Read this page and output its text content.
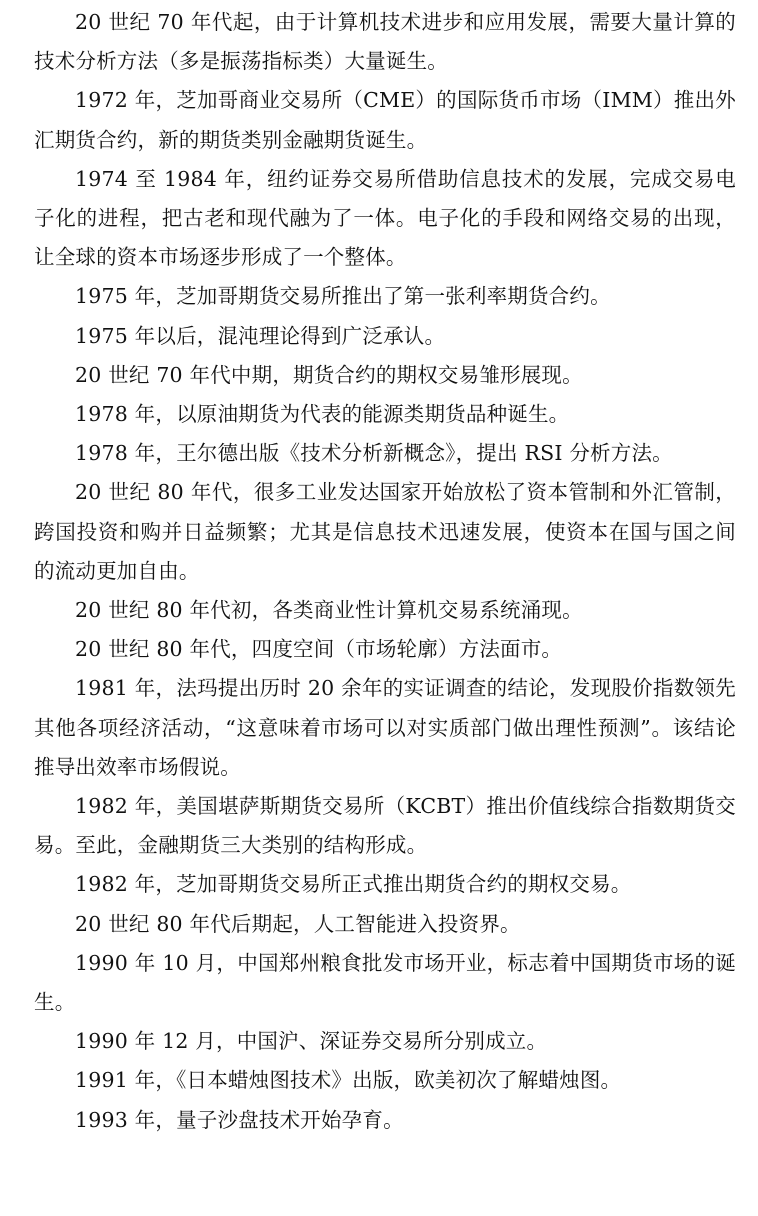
20 世纪 70 年代起，由于计算机技术进步和应用发展，需要大量计算的技术分析方法（多是振荡指标类）大量诞生。

1972 年，芝加哥商业交易所（CME）的国际货币市场（IMM）推出外汇期货合约，新的期货类别金融期货诞生。

1974 至 1984 年，纽约证券交易所借助信息技术的发展，完成交易电子化的进程，把古老和现代融为了一体。电子化的手段和网络交易的出现，让全球的资本市场逐步形成了一个整体。

1975 年，芝加哥期货交易所推出了第一张利率期货合约。

1975 年以后，混沌理论得到广泛承认。

20 世纪 70 年代中期，期货合约的期权交易雏形展现。

1978 年，以原油期货为代表的能源类期货品种诞生。

1978 年，王尔德出版《技术分析新概念》，提出 RSI 分析方法。

20 世纪 80 年代，很多工业发达国家开始放松了资本管制和外汇管制，跨国投资和购并日益频繁；尤其是信息技术迅速发展，使资本在国与国之间的流动更加自由。

20 世纪 80 年代初，各类商业性计算机交易系统涌现。

20 世纪 80 年代，四度空间（市场轮廓）方法面市。

1981 年，法玛提出历时 20 余年的实证调查的结论，发现股价指数领先其他各项经济活动，“这意味着市场可以对实质部门做出理性预测”。该结论推导出效率市场假说。

1982 年，美国堪萨斯期货交易所（KCBT）推出价值线综合指数期货交易。至此，金融期货三大类别的结构形成。

1982 年，芝加哥期货交易所正式推出期货合约的期权交易。

20 世纪 80 年代后期起，人工智能进入投资界。

1990 年 10 月，中国郑州粮食批发市场开业，标志着中国期货市场的诞生。

1990 年 12 月，中国沪、深证券交易所分别成立。

1991 年，《日本蜡烛图技术》出版，欧美初次了解蜡烛图。

1993 年，量子沙盘技术开始孕育。
